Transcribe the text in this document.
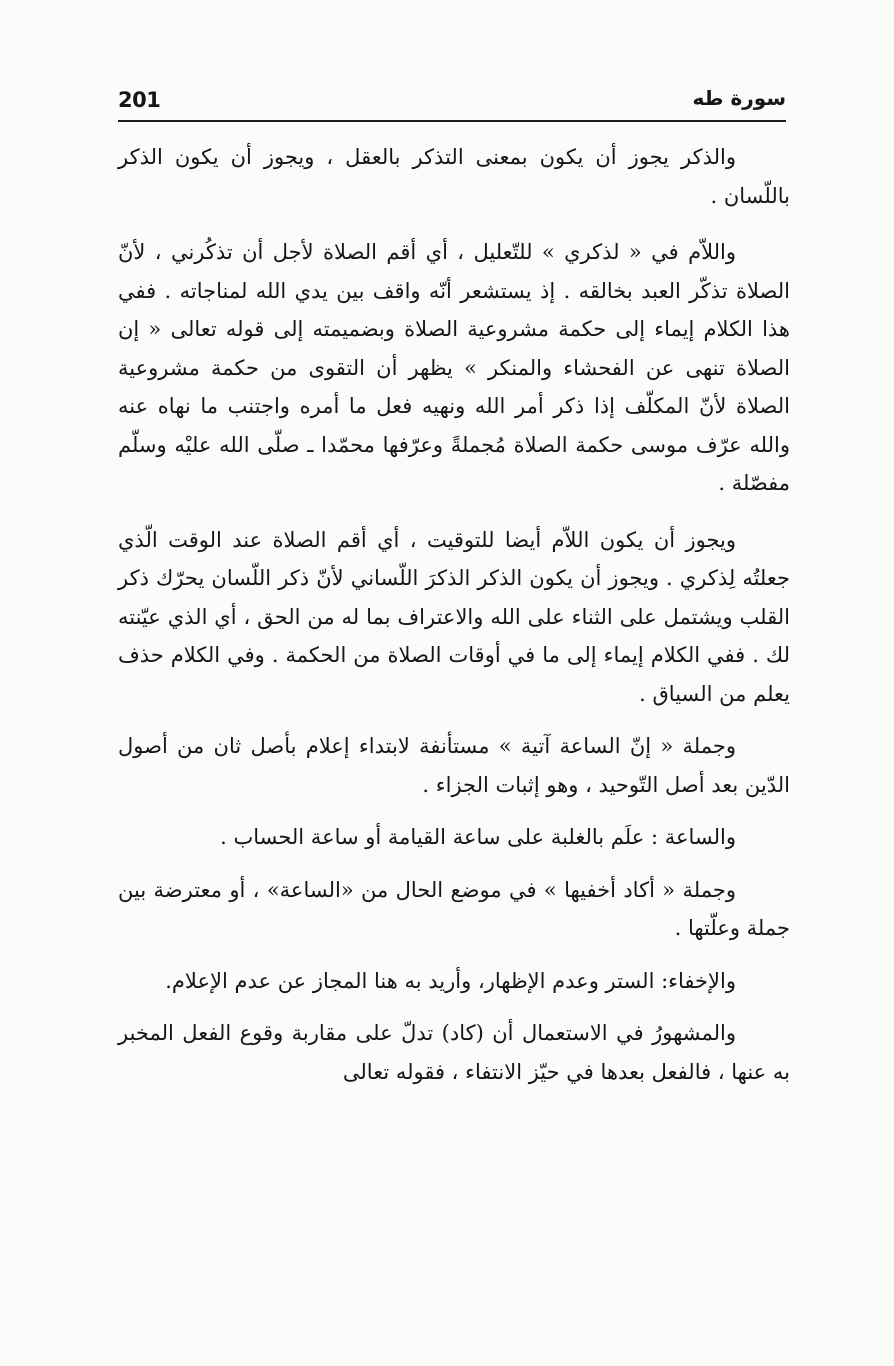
201	سورة طه

والذكر يجوز أن يكون بمعنى التذكر بالعقل ، ويجوز أن يكون الذكر باللّسان .

واللاّم في « لذكري » للتّعليل ، أي أقم الصلاة لأجل أن تذكُرني ، لأنّ الصلاة تذكّر العبد بخالقه . إذ يستشعر أنّه واقف بين يدي الله لمناجاته . ففي هذا الكلام إيماء إلى حكمة مشروعية الصلاة وبضميمته إلى قوله تعالى « إن الصلاة تنهى عن الفحشاء والمنكر » يظهر أن التقوى من حكمة مشروعية الصلاة لأنّ المكلّف إذا ذكر أمر الله ونهيه فعل ما أمره واجتنب ما نهاه عنه والله عرّف موسى حكمة الصلاة مُجملةً وعرّفها محمّدا ـ صلّى الله عليْه وسلّم مفصّلة .

ويجوز أن يكون اللاّم أيضا للتوقيت ، أي أقم الصلاة عند الوقت الّذي جعلتُه لِذكري . ويجوز أن يكون الذكر الذكرَ اللّساني لأنّ ذكر اللّسان يحرّك ذكر القلب ويشتمل على الثناء على الله والاعتراف بما له من الحق ، أي الذي عيّنته لك . ففي الكلام إيماء إلى ما في أوقات الصلاة من الحكمة . وفي الكلام حذف يعلم من السياق .

وجملة « إنّ الساعة آتية » مستأنفة لابتداء إعلام بأصل ثان من أصول الدّين بعد أصل التّوحيد ، وهو إثبات الجزاء .

والساعة : علَم بالغلبة على ساعة القيامة أو ساعة الحساب .

وجملة « أكاد أخفيها » في موضع الحال من «الساعة» ، أو معترضة بين جملة وعلّتها .

والإخفاء: الستر وعدم الإظهار، وأريد به هنا المجاز عن عدم الإعلام.

والمشهورُ في الاستعمال أن (كاد) تدلّ على مقاربة وقوع الفعل المخبر به عنها ، فالفعل بعدها في حيّز الانتفاء ، فقوله تعالى
